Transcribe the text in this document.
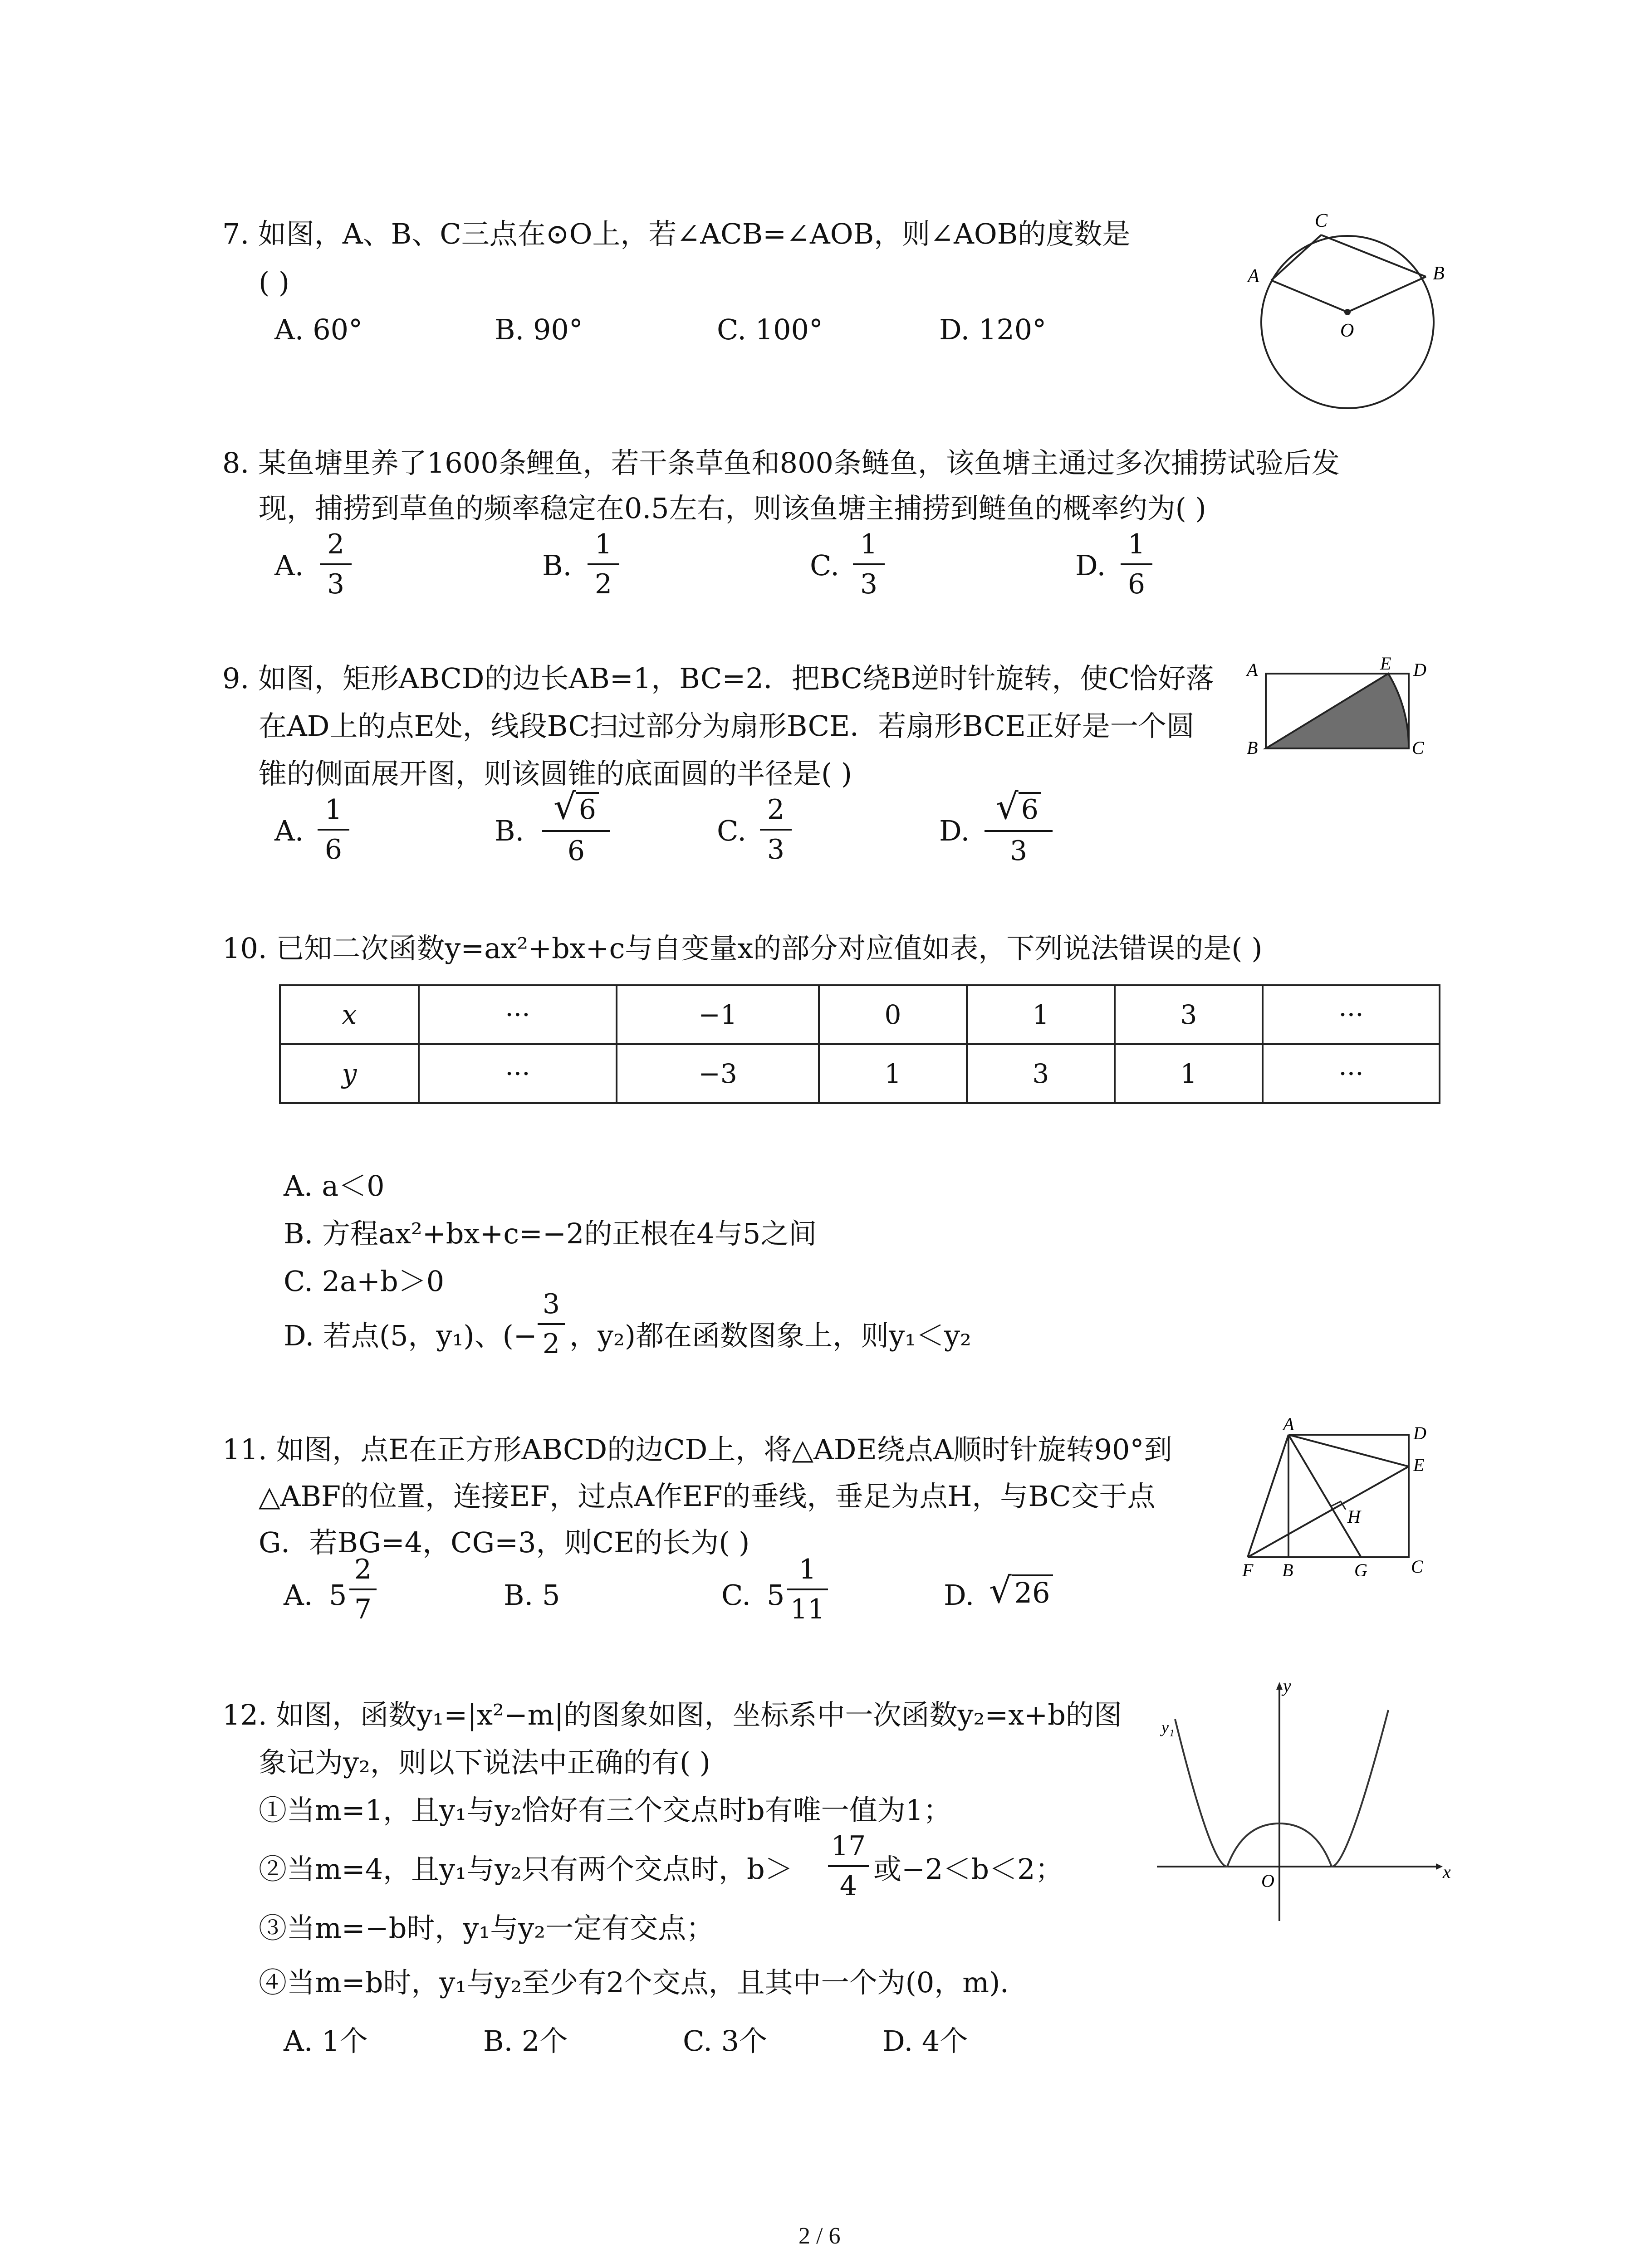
7. 如图，A、B、C三点在⊙O上，若∠ACB=∠AOB，则∠AOB的度数是
( )
A. 60°	B. 90°	C. 100°	D. 120°
C
A	B
O
8. 某鱼塘里养了1600条鲤鱼，若干条草鱼和800条鲢鱼，该鱼塘主通过多次捕捞试验后发
现，捕捞到草鱼的频率稳定在0.5左右，则该鱼塘主捕捞到鲢鱼的概率约为( )
A.
2
3
B.
1
2
C.
1
3
D.
1
6
9. 如图，矩形ABCD的边长AB=1，BC=2．把BC绕B逆时针旋转，使C恰好落
在AD上的点E处，线段BC扫过部分为扇形BCE．若扇形BCE正好是一个圆
锥的侧面展开图，则该圆锥的底面圆的半径是( )
A.
1
6
B.
√ 6
6
C.
2
3
D.
√ 6
3
A	E D
B	C
10. 已知二次函数y=ax²+bx+c与自变量x的部分对应值如表，下列说法错误的是( )
x	···	−1	0	1	3	···
y	···	−3	1	3	1	···
A. a＜0
B. 方程ax²+bx+c=−2的正根在4与5之间
C. 2a+b＞0
D. 若点(5，y₁)、(−
3
2 ，y₂)都在函数图象上，则y₁＜y₂
11. 如图，点E在正方形ABCD的边CD上，将△ADE绕点A顺时针旋转90°到
△ABF的位置，连接EF，过点A作EF的垂线，垂足为点H，与BC交于点
G．若BG=4，CG=3，则CE的长为( )
A. 5
2
7	B. 5	C. 5
1
11	D. √26
A	D
E
H
F B	G C
12. 如图，函数y₁=|x²−m|的图象如图，坐标系中一次函数y₂=x+b的图
象记为y₂，则以下说法中正确的有( )
①当m=1，且y₁与y₂恰好有三个交点时b有唯一值为1；
②当m=4，且y₁与y₂只有两个交点时，b＞
17
4
或−2＜b＜2；
③当m=−b时，y₁与y₂一定有交点；
④当m=b时，y₁与y₂至少有2个交点，且其中一个为(0，m)．
A. 1个	B. 2个	C. 3个	D. 4个
y
y₁
O	x
2 / 6
